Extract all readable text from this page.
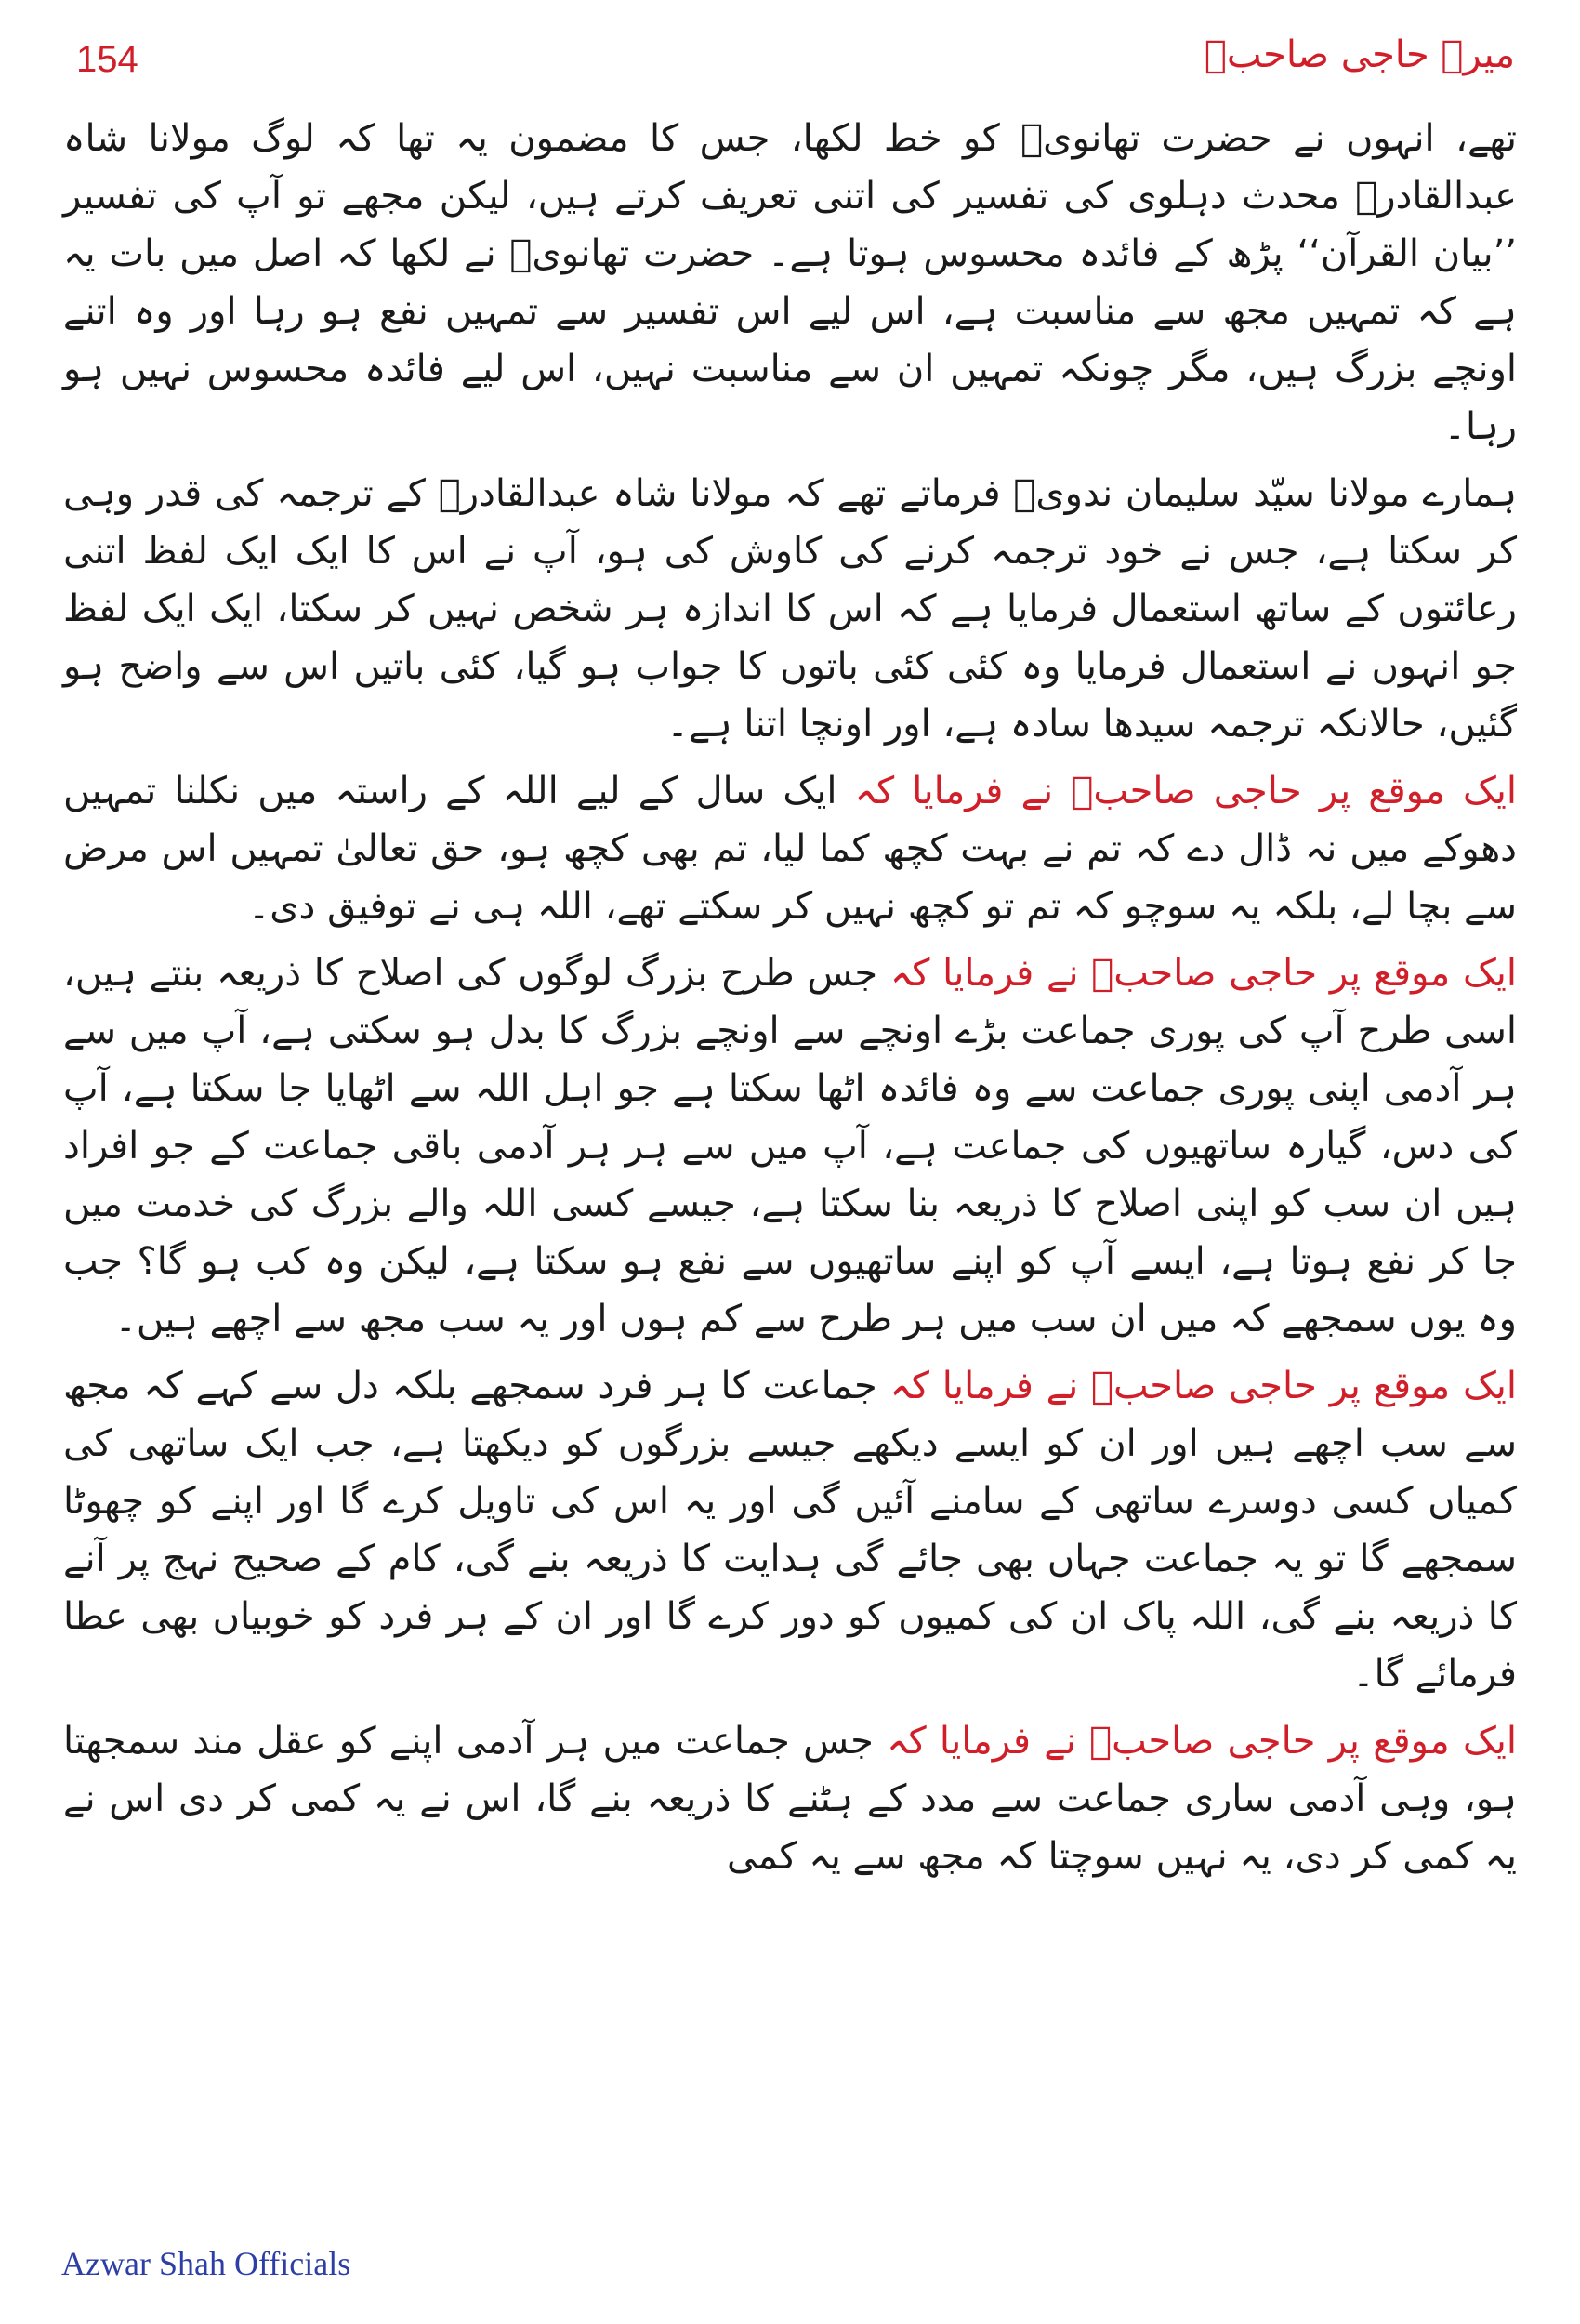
154	میرے حاجی صاحبؒ

تھے، انہوں نے حضرت تھانویؒ کو خط لکھا، جس کا مضمون یہ تھا کہ لوگ مولانا شاہ عبدالقادرؒ محدث دہلوی کی تفسیر کی اتنی تعریف کرتے ہیں، لیکن مجھے تو آپ کی تفسیر ’’بیان القرآن‘‘ پڑھ کے فائدہ محسوس ہوتا ہے۔ حضرت تھانویؒ نے لکھا کہ اصل میں بات یہ ہے کہ تمہیں مجھ سے مناسبت ہے، اس لیے اس تفسیر سے تمہیں نفع ہو رہا اور وہ اتنے اونچے بزرگ ہیں، مگر چونکہ تمہیں ان سے مناسبت نہیں، اس لیے فائدہ محسوس نہیں ہو رہا۔

ہمارے مولانا سیّد سلیمان ندویؒ فرماتے تھے کہ مولانا شاہ عبدالقادرؒ کے ترجمہ کی قدر وہی کر سکتا ہے، جس نے خود ترجمہ کرنے کی کاوش کی ہو، آپ نے اس کا ایک ایک لفظ اتنی رعائتوں کے ساتھ استعمال فرمایا ہے کہ اس کا اندازہ ہر شخص نہیں کر سکتا، ایک ایک لفظ جو انہوں نے استعمال فرمایا وہ کئی کئی باتوں کا جواب ہو گیا، کئی باتیں اس سے واضح ہو گئیں، حالانکہ ترجمہ سیدھا سادہ ہے، اور اونچا اتنا ہے۔

ایک موقع پر حاجی صاحبؒ نے فرمایا کہ ایک سال کے لیے اللہ کے راستہ میں نکلنا تمہیں دھوکے میں نہ ڈال دے کہ تم نے بہت کچھ کما لیا، تم بھی کچھ ہو، حق تعالیٰ تمہیں اس مرض سے بچا لے، بلکہ یہ سوچو کہ تم تو کچھ نہیں کر سکتے تھے، اللہ ہی نے توفیق دی۔

ایک موقع پر حاجی صاحبؒ نے فرمایا کہ جس طرح بزرگ لوگوں کی اصلاح کا ذریعہ بنتے ہیں، اسی طرح آپ کی پوری جماعت بڑے اونچے سے اونچے بزرگ کا بدل ہو سکتی ہے، آپ میں سے ہر آدمی اپنی پوری جماعت سے وہ فائدہ اٹھا سکتا ہے جو اہل اللہ سے اٹھایا جا سکتا ہے، آپ کی دس، گیارہ ساتھیوں کی جماعت ہے، آپ میں سے ہر ہر آدمی باقی جماعت کے جو افراد ہیں ان سب کو اپنی اصلاح کا ذریعہ بنا سکتا ہے، جیسے کسی اللہ والے بزرگ کی خدمت میں جا کر نفع ہوتا ہے، ایسے آپ کو اپنے ساتھیوں سے نفع ہو سکتا ہے، لیکن وہ کب ہو گا؟ جب وہ یوں سمجھے کہ میں ان سب میں ہر طرح سے کم ہوں اور یہ سب مجھ سے اچھے ہیں۔

ایک موقع پر حاجی صاحبؒ نے فرمایا کہ جماعت کا ہر فرد سمجھے بلکہ دل سے کہے کہ مجھ سے سب اچھے ہیں اور ان کو ایسے دیکھے جیسے بزرگوں کو دیکھتا ہے، جب ایک ساتھی کی کمیاں کسی دوسرے ساتھی کے سامنے آئیں گی اور یہ اس کی تاویل کرے گا اور اپنے کو چھوٹا سمجھے گا تو یہ جماعت جہاں بھی جائے گی ہدایت کا ذریعہ بنے گی، کام کے صحیح نہج پر آنے کا ذریعہ بنے گی، اللہ پاک ان کی کمیوں کو دور کرے گا اور ان کے ہر فرد کو خوبیاں بھی عطا فرمائے گا۔

ایک موقع پر حاجی صاحبؒ نے فرمایا کہ جس جماعت میں ہر آدمی اپنے کو عقل مند سمجھتا ہو، وہی آدمی ساری جماعت سے مدد کے ہٹنے کا ذریعہ بنے گا، اس نے یہ کمی کر دی اس نے یہ کمی کر دی، یہ نہیں سوچتا کہ مجھ سے یہ کمی

Azwar Shah Officials
